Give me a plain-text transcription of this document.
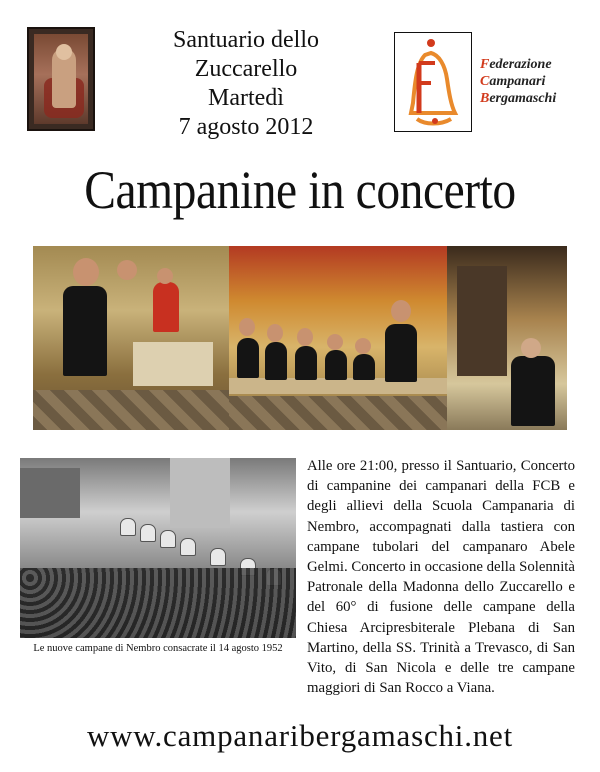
Santuario dello
Zuccarello
Martedì
7 agosto 2012
Federazione
Campanari
Bergamaschi
Campanine in concerto
Le nuove campane di Nembro consacrate il 14 agosto 1952
Alle ore 21:00, presso il Santuario, Concerto di campanine dei campanari della FCB e degli allievi della Scuola Campanaria di Nembro, accompagnati dalla tastiera con campane tubolari del campanaro Abele Gelmi. Concerto in occasione della Solennità Patronale della Madonna dello Zuccarello e del 60° di fusione delle campane della Chiesa Arcipresbiterale Plebana di San Martino, della SS. Trinità a Trevasco, di San Vito, di San Nicola e delle tre campane maggiori di San Rocco a Viana.
www.campanaribergamaschi.net
